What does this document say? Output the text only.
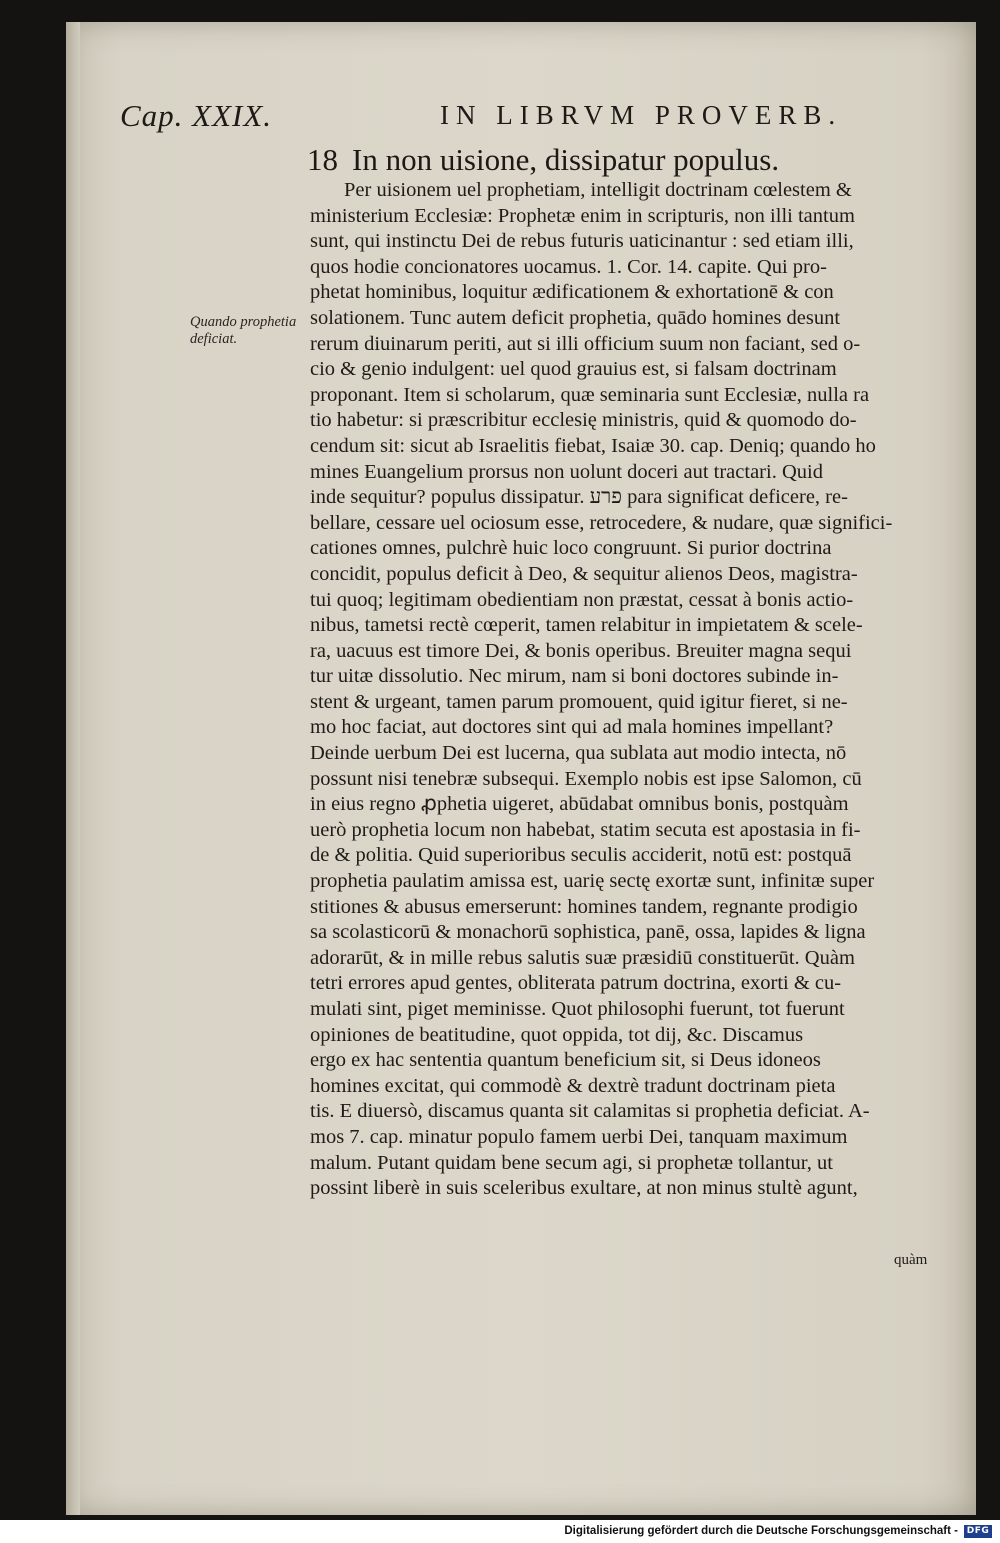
Cap. XXIX.	IN LIBRVM PROVERB.
18 In non uisione, dissipatur populus.
Quando prophetia deficiat.
Per uisionem uel prophetiam, intelligit doctrinam cœlestem &
ministerium Ecclesiæ: Prophetæ enim in scripturis, non illi tantum
sunt, qui instinctu Dei de rebus futuris uaticinantur : sed etiam illi,
quos hodie concionatores uocamus. 1. Cor. 14. capite. Qui pro-
phetat hominibus, loquitur ædificationem & exhortationē & con
solationem. Tunc autem deficit prophetia, quādo homines desunt
rerum diuinarum periti, aut si illi officium suum non faciant, sed o-
cio & genio indulgent: uel quod grauius est, si falsam doctrinam
proponant. Item si scholarum, quæ seminaria sunt Ecclesiæ, nulla ra
tio habetur: si præscribitur ecclesię ministris, quid & quomodo do-
cendum sit: sicut ab Israelitis fiebat, Isaiæ 30. cap. Deniq; quando ho
mines Euangelium prorsus non uolunt doceri aut tractari. Quid
inde sequitur? populus dissipatur. פרע para significat deficere, re-
bellare, cessare uel ociosum esse, retrocedere, & nudare, quæ significi-
cationes omnes, pulchrè huic loco congruunt. Si purior doctrina
concidit, populus deficit à Deo, & sequitur alienos Deos, magistra-
tui quoq; legitimam obedientiam non præstat, cessat à bonis actio-
nibus, tametsi rectè cœperit, tamen relabitur in impietatem & scele-
ra, uacuus est timore Dei, & bonis operibus. Breuiter magna sequi
tur uitæ dissolutio. Nec mirum, nam si boni doctores subinde in-
stent & urgeant, tamen parum promouent, quid igitur fieret, si ne-
mo hoc faciat, aut doctores sint qui ad mala homines impellant?
Deinde uerbum Dei est lucerna, qua sublata aut modio intecta, nō
possunt nisi tenebræ subsequi. Exemplo nobis est ipse Salomon, cū
in eius regno ꝓphetia uigeret, abūdabat omnibus bonis, postquàm
uerò prophetia locum non habebat, statim secuta est apostasia in fi-
de & politia. Quid superioribus seculis acciderit, notū est: postquā
prophetia paulatim amissa est, uarię sectę exortæ sunt, infinitæ super
stitiones & abusus emerserunt: homines tandem, regnante prodigio
sa scolasticorū & monachorū sophistica, panē, ossa, lapides & ligna
adorarūt, & in mille rebus salutis suæ præsidiū constituerūt. Quàm
tetri errores apud gentes, obliterata patrum doctrina, exorti & cu-
mulati sint, piget meminisse. Quot philosophi fuerunt, tot fuerunt
opiniones de beatitudine, quot oppida, tot dij, &c. Discamus
ergo ex hac sententia quantum beneficium sit, si Deus idoneos
homines excitat, qui commodè & dextrè tradunt doctrinam pieta
tis. E diuersò, discamus quanta sit calamitas si prophetia deficiat. A-
mos 7. cap. minatur populo famem uerbi Dei, tanquam maximum
malum. Putant quidam bene secum agi, si prophetæ tollantur, ut
possint liberè in suis sceleribus exultare, at non minus stultè agunt,
quàm
Digitalisierung gefördert durch die Deutsche Forschungsgemeinschaft - DFG
